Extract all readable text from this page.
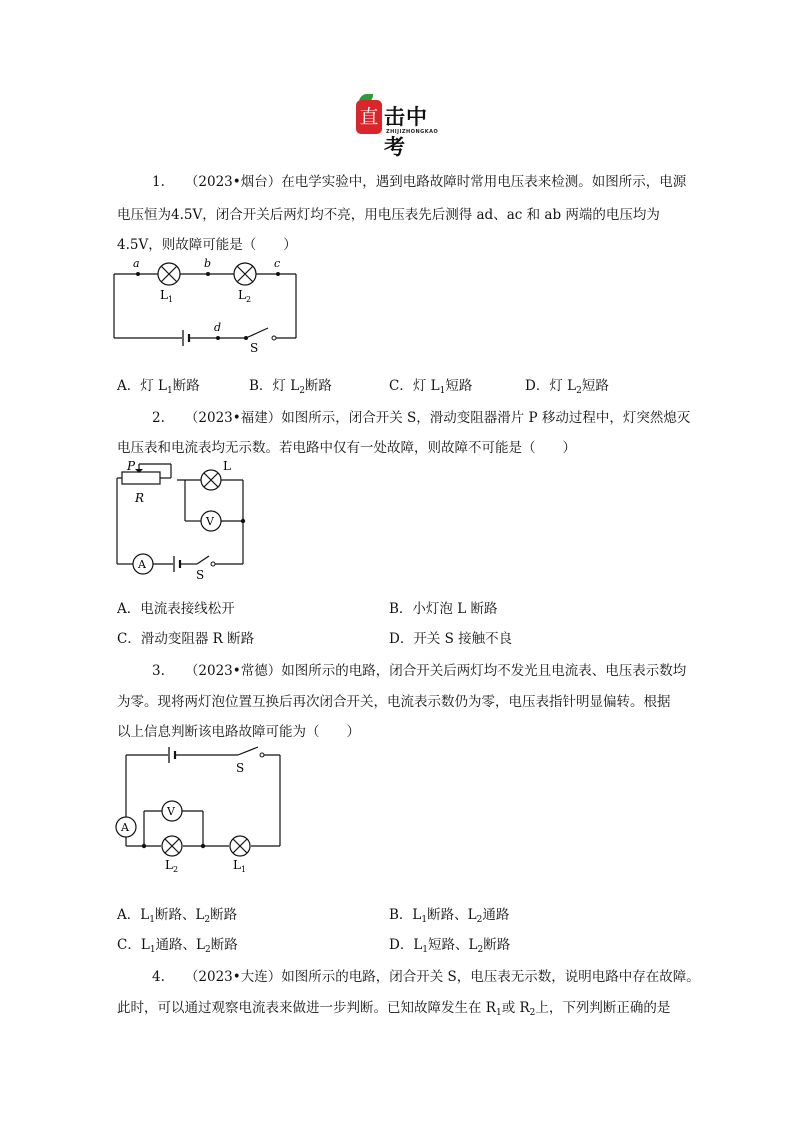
直 击中考
ZHIJIZHONGKAO
1. （2023•烟台）在电学实验中，遇到电路故障时常用电压表来检测。如图所示，电源
电压恒为4.5V，闭合开关后两灯均不亮，用电压表先后测得 ad、ac 和 ab 两端的电压均为
4.5V，则故障可能是（　　）
a	b	c
d
$L_1$	$L_2$
S
A．灯 $L_1$断路	B．灯 $L_2$断路	C．灯 $L_1$短路	D．灯 $L_2$短路
2. （2023•福建）如图所示，闭合开关 S，滑动变阻器滑片 P 移动过程中，灯突然熄灭
电压表和电流表均无示数。若电路中仅有一处故障，则故障不可能是（　　）
V
A
P
R
L
S
A．电流表接线松开	B．小灯泡 L 断路
C．滑动变阻器 R 断路	D．开关 S 接触不良
3. （2023•常德）如图所示的电路，闭合开关后两灯均不发光且电流表、电压表示数均
为零。现将两灯泡位置互换后再次闭合开关，电流表示数仍为零，电压表指针明显偏转。根据
以上信息判断该电路故障可能为（　　）
A
V
S
$L_2$	$L_1$
A．$L_1$断路、$L_2$断路	B．$L_1$断路、$L_2$通路
C．$L_1$通路、$L_2$断路	D．$L_1$短路、$L_2$断路
4. （2023•大连）如图所示的电路，闭合开关 S，电压表无示数，说明电路中存在故障。
此时，可以通过观察电流表来做进一步判断。已知故障发生在 $R_1$或 $R_2$上，下列判断正确的是
